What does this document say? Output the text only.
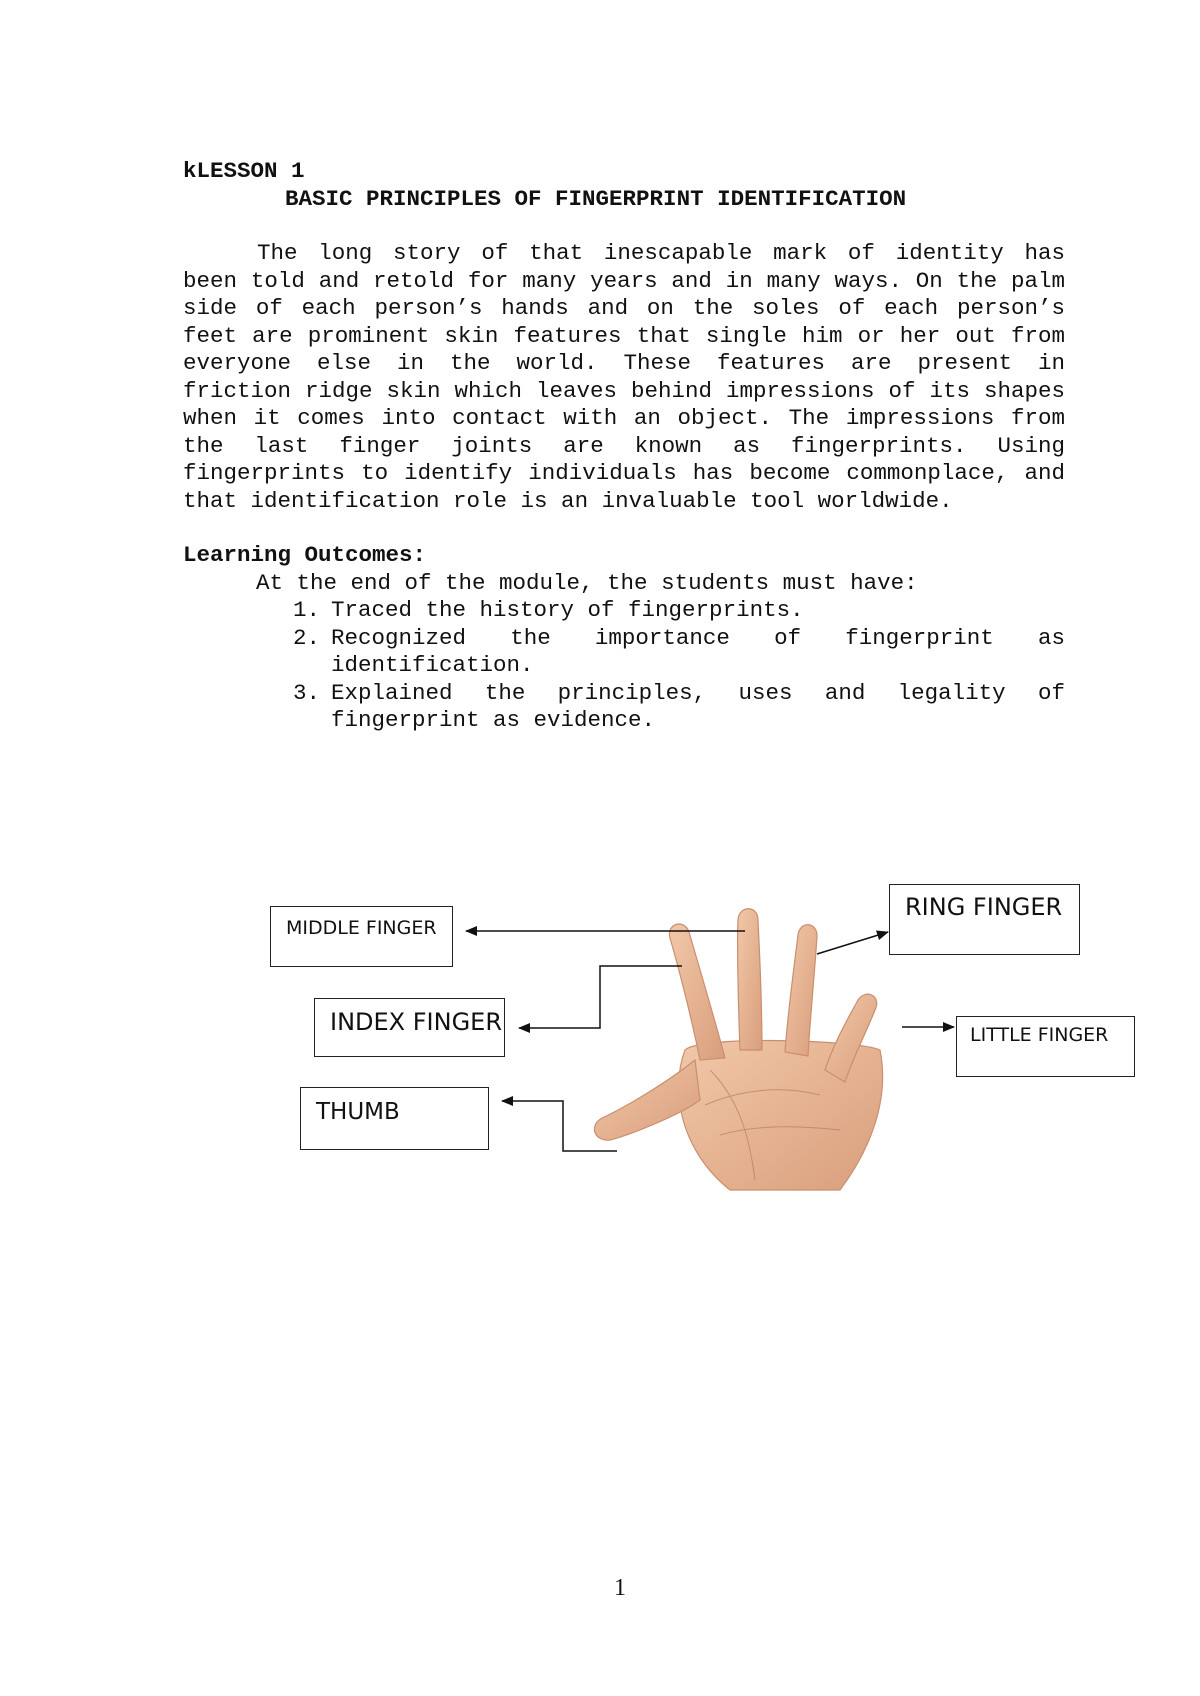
kLESSON 1

BASIC PRINCIPLES OF FINGERPRINT IDENTIFICATION

The long story of that inescapable mark of identity has been told and retold for many years and in many ways. On the palm side of each person’s hands and on the soles of each person’s feet are prominent skin features that single him or her out from everyone else in the world. These features are present in friction ridge skin which leaves behind impressions of its shapes when it comes into contact with an object. The impressions from the last finger joints are known as fingerprints. Using fingerprints to identify individuals has become commonplace, and that identification role is an invaluable tool worldwide.

Learning Outcomes:

At the end of the module, the students must have:

1. Traced the history of fingerprints.
2. Recognized the importance of fingerprint as identification.
3. Explained the principles, uses and legality of fingerprint as evidence.
MIDDLE FINGER
INDEX FINGER
THUMB
RING FINGER
LITTLE FINGER
1
